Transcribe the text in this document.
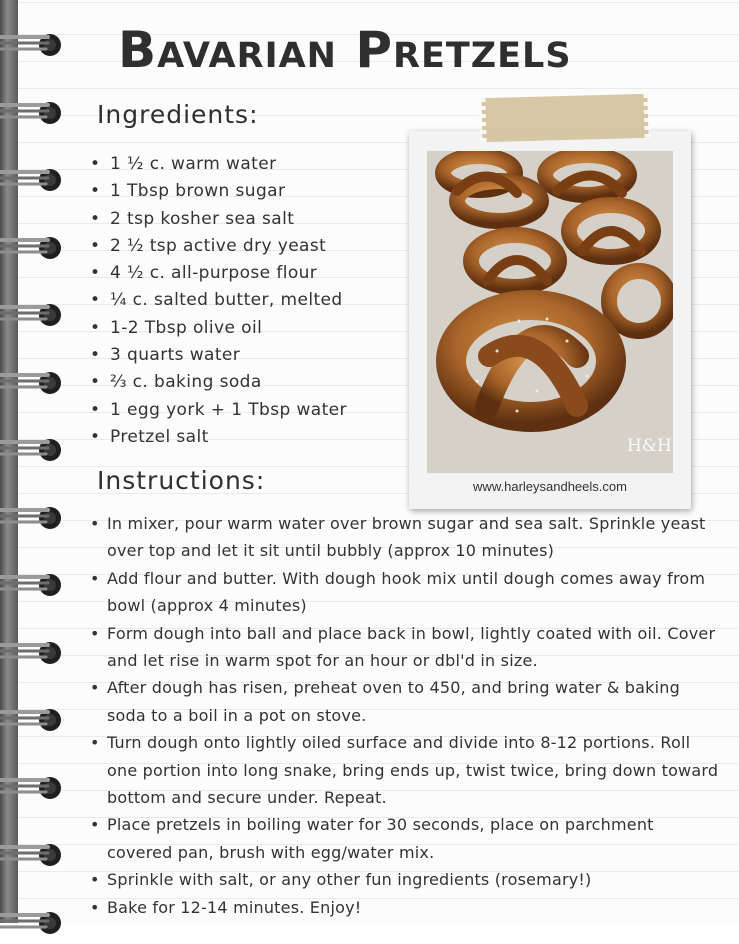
Bavarian Pretzels
Ingredients:
• 1 ½ c. warm water
• 1 Tbsp brown sugar
• 2 tsp kosher sea salt
• 2 ½ tsp active dry yeast
• 4 ½ c. all-purpose flour
• ¼ c. salted butter, melted
• 1-2 Tbsp olive oil
• 3 quarts water
• ⅔ c. baking soda
• 1 egg york + 1 Tbsp water
• Pretzel salt
Instructions:
• In mixer, pour warm water over brown sugar and sea salt. Sprinkle yeast over top and let it sit until bubbly (approx 10 minutes)
• Add flour and butter. With dough hook mix until dough comes away from bowl (approx 4 minutes)
• Form dough into ball and place back in bowl, lightly coated with oil. Cover and let rise in warm spot for an hour or dbl'd in size.
• After dough has risen, preheat oven to 450, and bring water & baking soda to a boil in a pot on stove.
• Turn dough onto lightly oiled surface and divide into 8-12 portions. Roll one portion into long snake, bring ends up, twist twice, bring down toward bottom and secure under. Repeat.
• Place pretzels in boiling water for 30 seconds, place on parchment covered pan, brush with egg/water mix.
• Sprinkle with salt, or any other fun ingredients (rosemary!)
• Bake for 12-14 minutes. Enjoy!
H&H
www.harleysandheels.com
